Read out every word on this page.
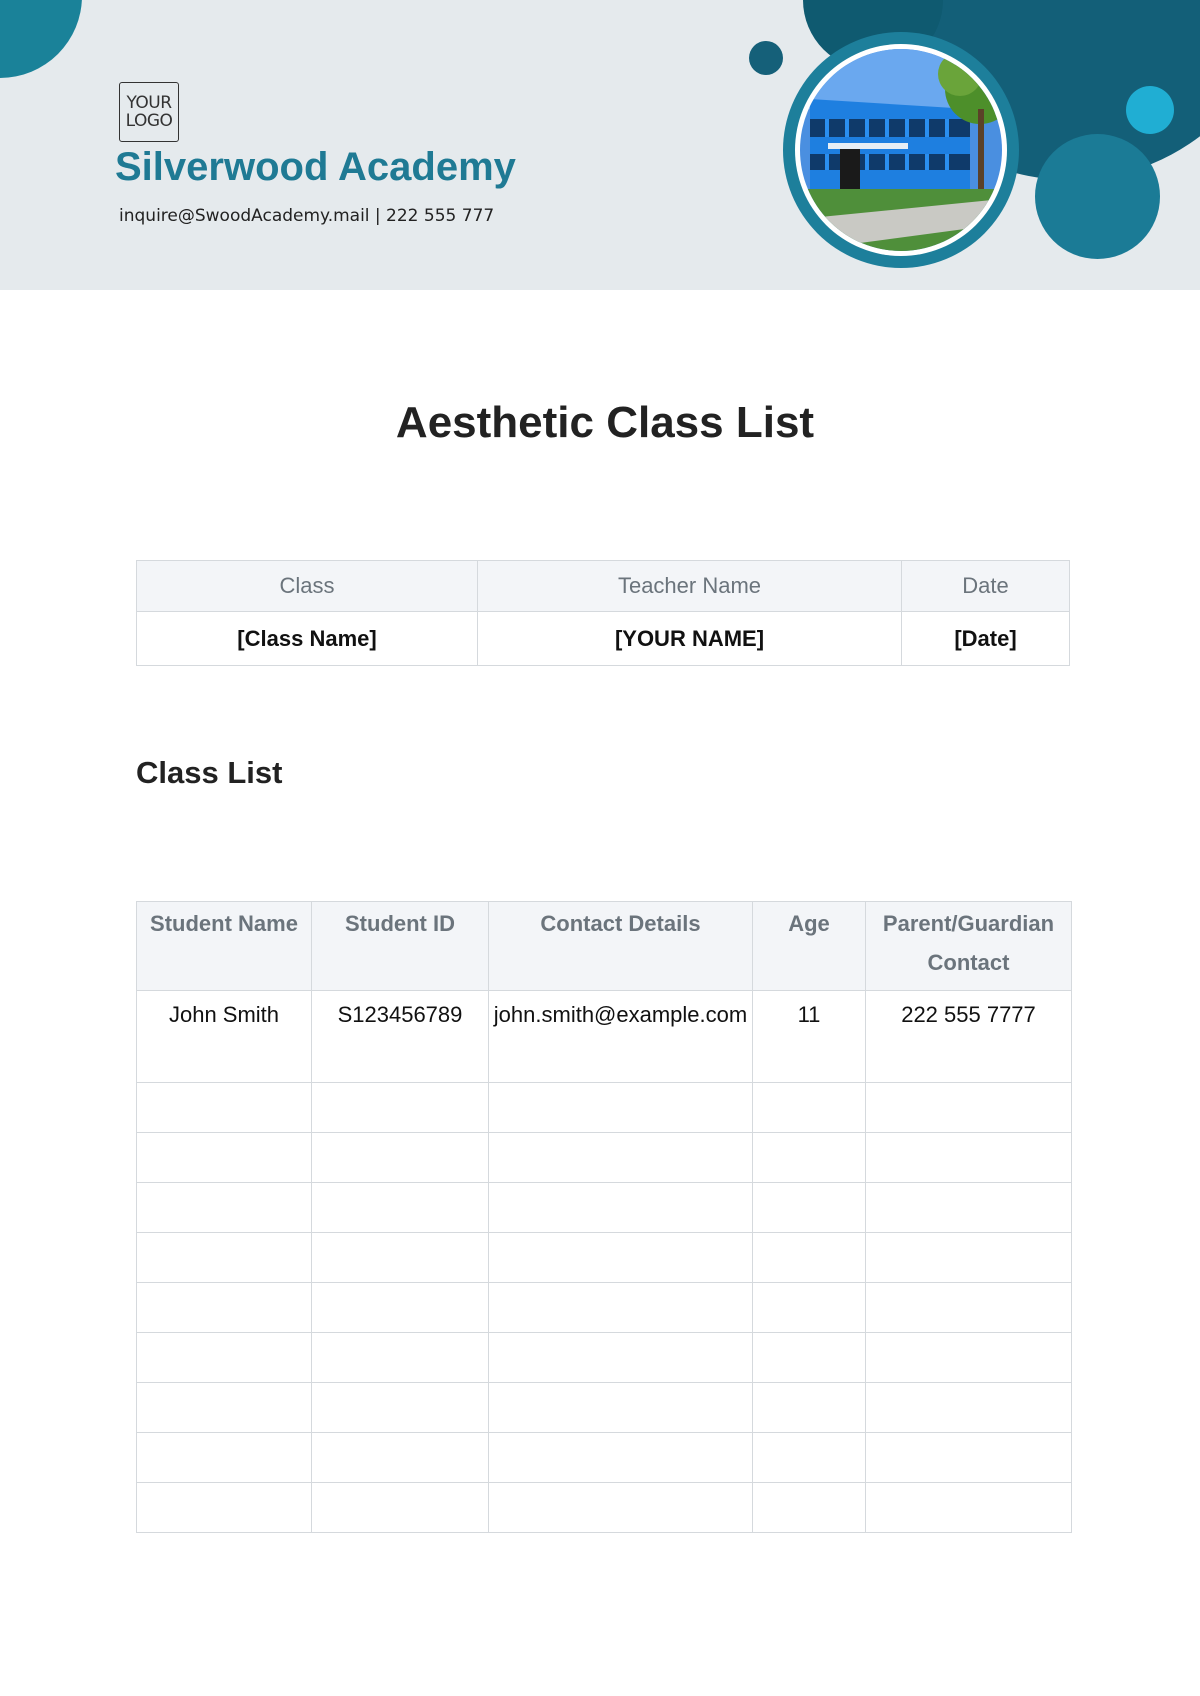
YOUR
LOGO
Silverwood Academy
inquire@SwoodAcademy.mail | 222 555 777
Aesthetic Class List
Class	Teacher Name	Date
[Class Name]	[YOUR NAME]	[Date]
Class List
Student Name	Student ID	Contact Details	Age	Parent/Guardian Contact
John Smith	S123456789	john.smith@example.com	11	222 555 7777
